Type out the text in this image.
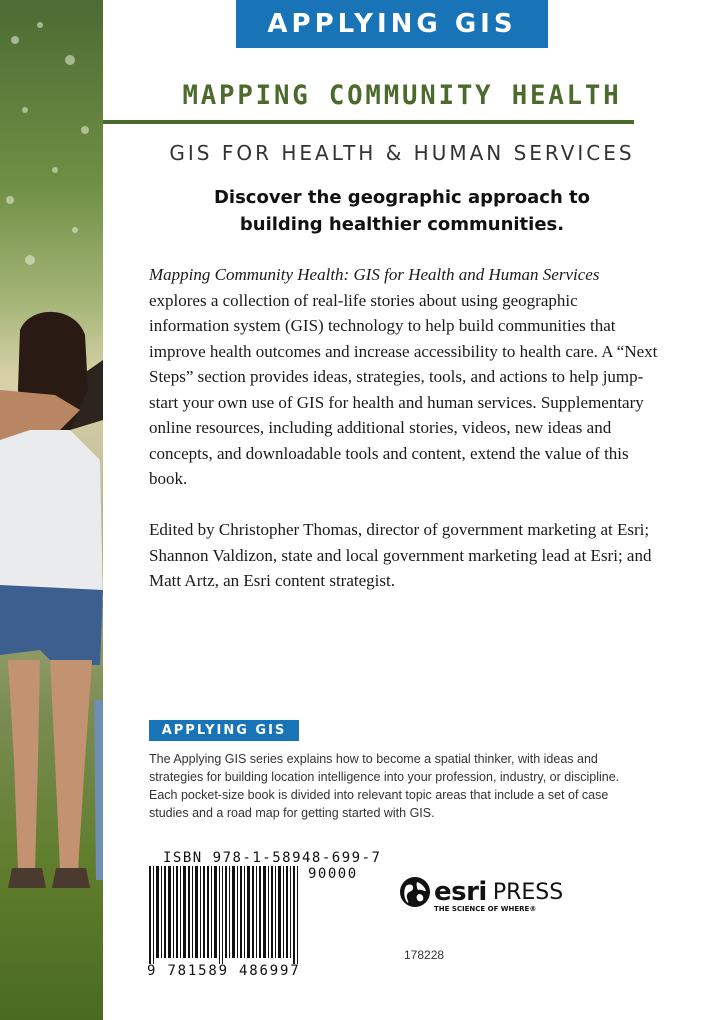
APPLYING GIS
MAPPING COMMUNITY HEALTH
GIS FOR HEALTH & HUMAN SERVICES
Discover the geographic approach to
building healthier communities.
Mapping Community Health: GIS for Health and Human Services explores a collection of real-life stories about using geographic information system (GIS) technology to help build communities that improve health outcomes and increase accessibility to health care. A “Next Steps” section provides ideas, strategies, tools, and actions to help jump-start your own use of GIS for health and human services. Supplementary online resources, including additional stories, videos, new ideas and concepts, and downloadable tools and content, extend the value of this book.
Edited by Christopher Thomas, director of government marketing at Esri; Shannon Valdizon, state and local government marketing lead at Esri; and Matt Artz, an Esri content strategist.
APPLYING GIS
The Applying GIS series explains how to become a spatial thinker, with ideas and strategies for building location intelligence into your profession, industry, or discipline. Each pocket-size book is divided into relevant topic areas that include a set of case studies and a road map for getting started with GIS.
ISBN 978-1-58948-699-7
9 781589 486997
90000
esri PRESS
THE SCIENCE OF WHERE®
178228
